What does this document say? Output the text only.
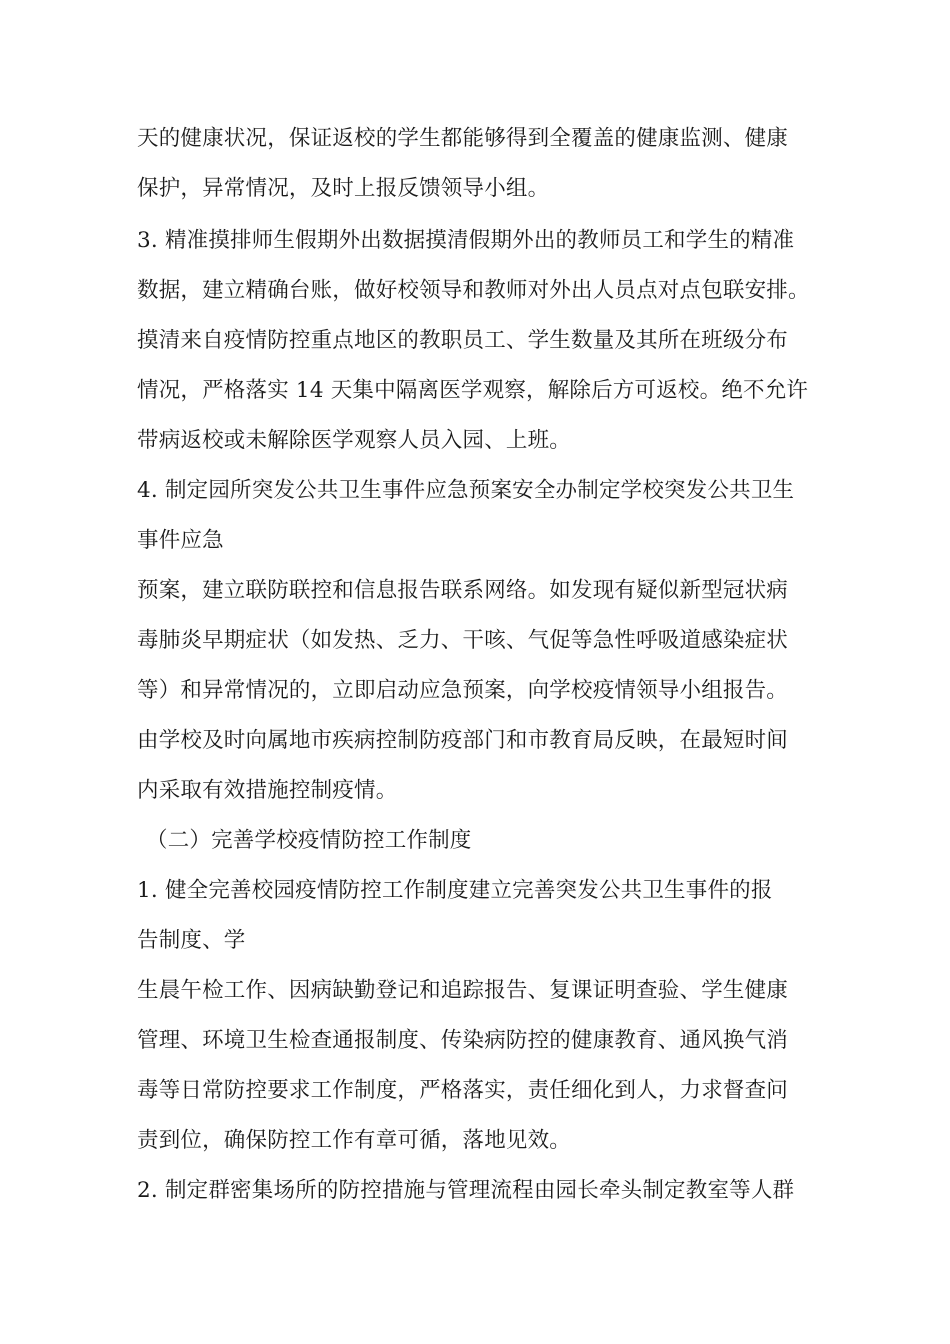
天的健康状况，保证返校的学生都能够得到全覆盖的健康监测、健康
保护，异常情况，及时上报反馈领导小组。
3. 精准摸排师生假期外出数据摸清假期外出的教师员工和学生的精准
数据，建立精确台账，做好校领导和教师对外出人员点对点包联安排。
摸清来自疫情防控重点地区的教职员工、学生数量及其所在班级分布
情况，严格落实 14 天集中隔离医学观察，解除后方可返校。绝不允许
带病返校或未解除医学观察人员入园、上班。
4. 制定园所突发公共卫生事件应急预案安全办制定学校突发公共卫生
事件应急
预案，建立联防联控和信息报告联系网络。如发现有疑似新型冠状病
毒肺炎早期症状（如发热、乏力、干咳、气促等急性呼吸道感染症状
等）和异常情况的，立即启动应急预案，向学校疫情领导小组报告。
由学校及时向属地市疾病控制防疫部门和市教育局反映，在最短时间
内采取有效措施控制疫情。
（二）完善学校疫情防控工作制度
1. 健全完善校园疫情防控工作制度建立完善突发公共卫生事件的报
告制度、学
生晨午检工作、因病缺勤登记和追踪报告、复课证明查验、学生健康
管理、环境卫生检查通报制度、传染病防控的健康教育、通风换气消
毒等日常防控要求工作制度，严格落实，责任细化到人，力求督查问
责到位，确保防控工作有章可循，落地见效。
2. 制定群密集场所的防控措施与管理流程由园长牵头制定教室等人群
